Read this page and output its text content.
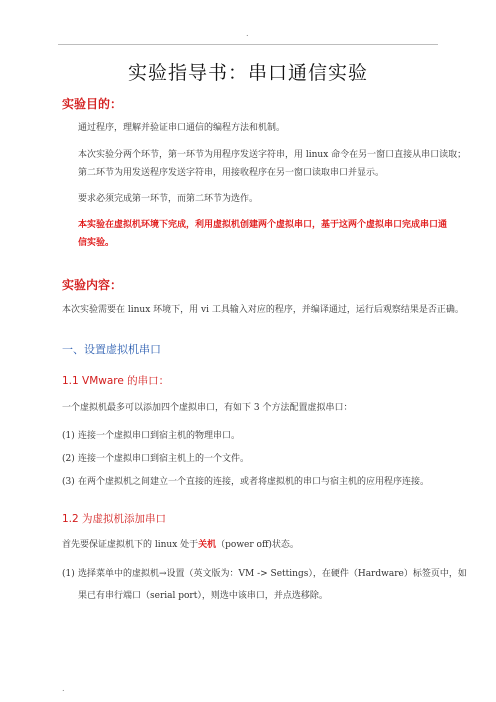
.
实验指导书：串口通信实验
实验目的：
通过程序，理解并验证串口通信的编程方法和机制。
本次实验分两个环节，第一环节为用程序发送字符串，用 linux 命令在另一窗口直接从串口读取；
第二环节为用发送程序发送字符串，用接收程序在另一窗口读取串口并显示。
要求必须完成第一环节，而第二环节为选作。
本实验在虚拟机环境下完成，利用虚拟机创建两个虚拟串口，基于这两个虚拟串口完成串口通
信实验。
实验内容：
本次实验需要在 linux 环境下，用 vi 工具输入对应的程序，并编译通过，运行后观察结果是否正确。
一、设置虚拟机串口
1.1 VMware 的串口：
一个虚拟机最多可以添加四个虚拟串口，有如下 3 个方法配置虚拟串口：
(1) 连接一个虚拟串口到宿主机的物理串口。
(2) 连接一个虚拟串口到宿主机上的一个文件。
(3) 在两个虚拟机之间建立一个直接的连接，或者将虚拟机的串口与宿主机的应用程序连接。
1.2 为虚拟机添加串口
首先要保证虚拟机下的 linux 处于关机（power off)状态。
(1) 选择菜单中的虚拟机→设置（英文版为：VM -> Settings），在硬件（Hardware）标签页中，如
果已有串行端口（serial port），则选中该串口，并点选移除。
.
